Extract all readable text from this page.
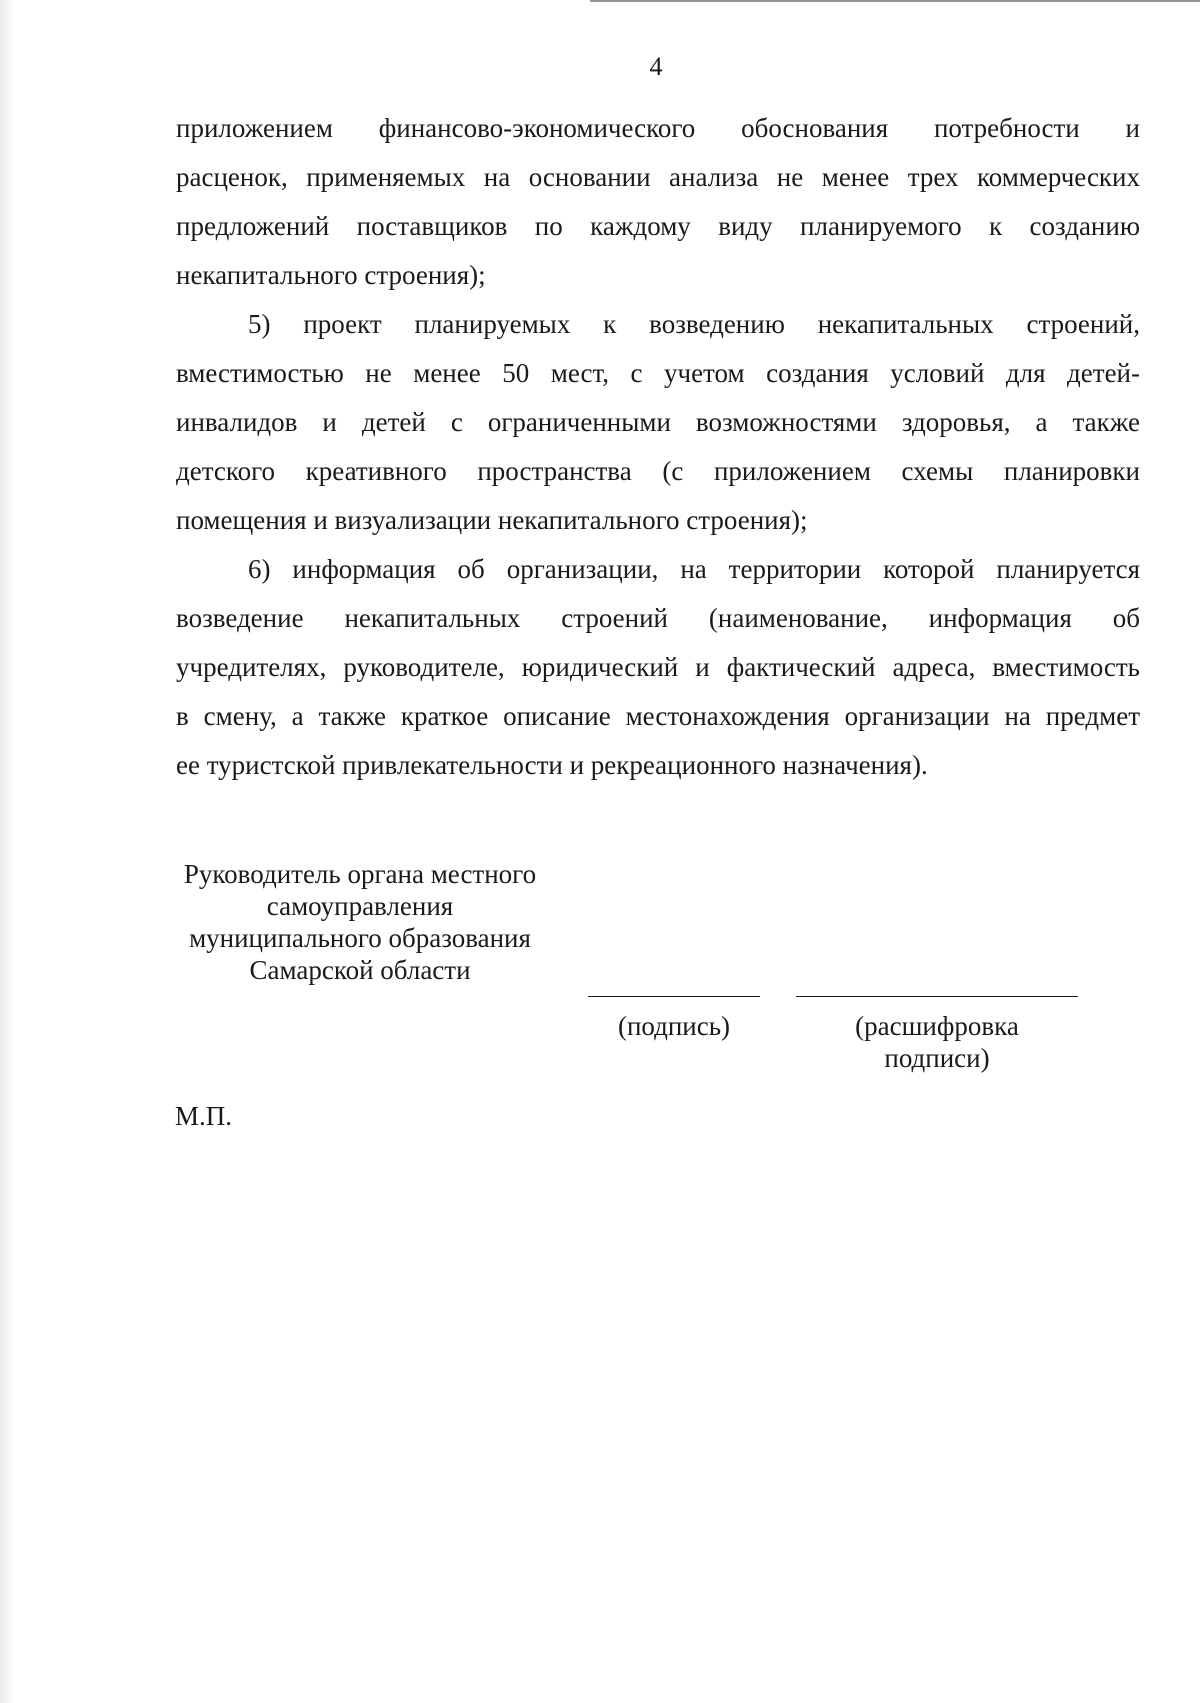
4

приложением финансово-экономического обоснования потребности и
расценок, применяемых на основании анализа не менее трех коммерческих
предложений поставщиков по каждому виду планируемого к созданию
некапитального строения);

5) проект планируемых к возведению некапитальных строений,
вместимостью не менее 50 мест, с учетом создания условий для детей-
инвалидов и детей с ограниченными возможностями здоровья, а также
детского креативного пространства (с приложением схемы планировки
помещения и визуализации некапитального строения);

6) информация об организации, на территории которой планируется
возведение некапитальных строений (наименование, информация об
учредителях, руководителе, юридический и фактический адреса, вместимость
в смену, а также краткое описание местонахождения организации на предмет
ее туристской привлекательности и рекреационного назначения).

Руководитель органа местного
самоуправления
муниципального образования
Самарской области
(подпись)	(расшифровка
подписи)
М.П.
